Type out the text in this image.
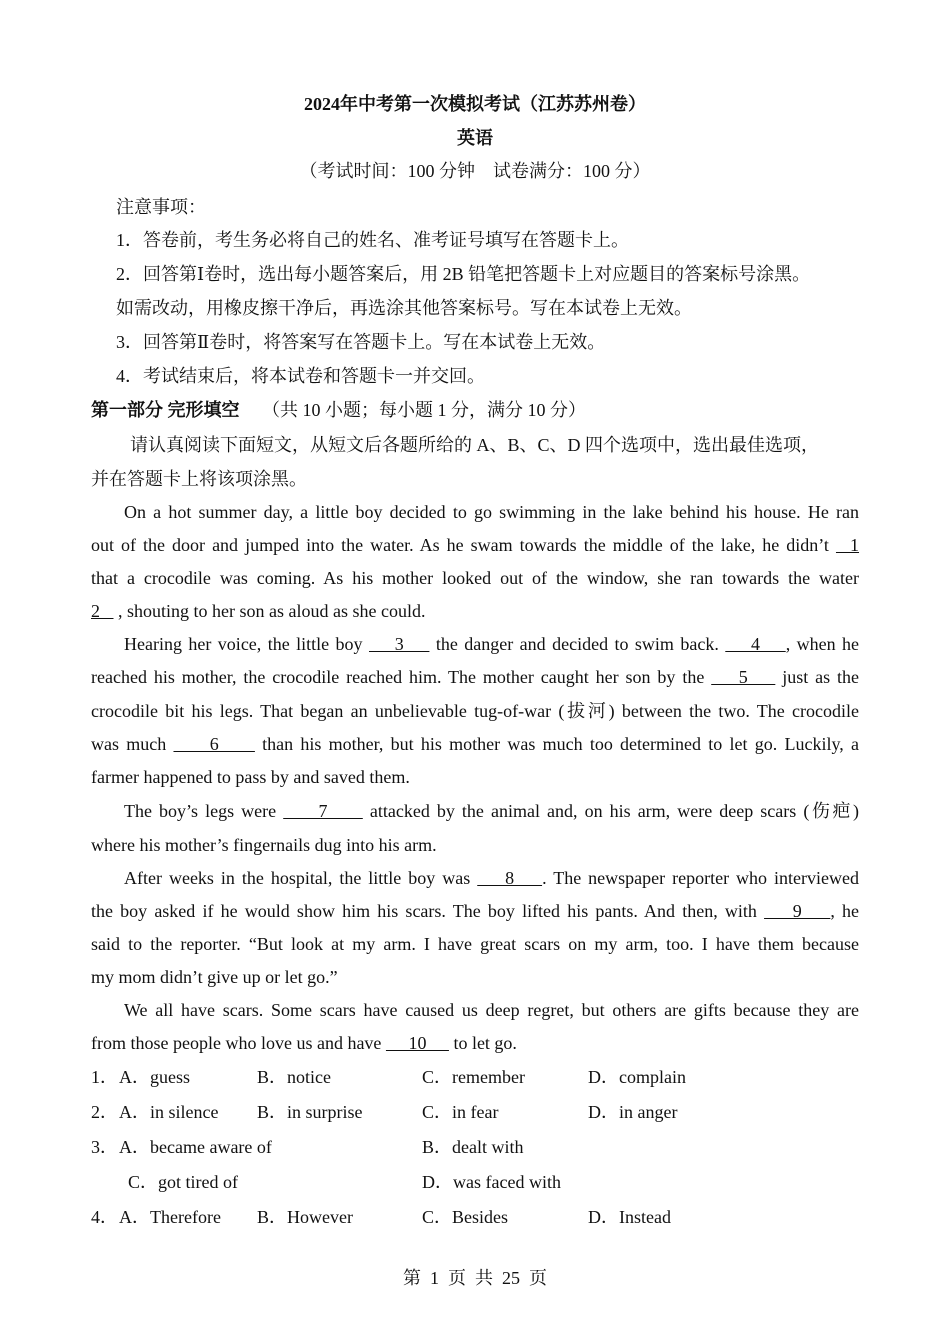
2024年中考第一次模拟考试（江苏苏州卷）
英语
（考试时间：100 分钟　试卷满分：100 分）
注意事项：
1．答卷前，考生务必将自己的姓名、准考证号填写在答题卡上。
2．回答第Ⅰ卷时，选出每小题答案后，用 2B 铅笔把答题卡上对应题目的答案标号涂黑。
如需改动，用橡皮擦干净后，再选涂其他答案标号。写在本试卷上无效。
3．回答第Ⅱ卷时，将答案写在答题卡上。写在本试卷上无效。
4．考试结束后，将本试卷和答题卡一并交回。
第一部分 完形填空 （共 10 小题；每小题 1 分，满分 10 分）
请认真阅读下面短文，从短文后各题所给的 A、B、C、D 四个选项中，选出最佳选项，
并在答题卡上将该项涂黑。
On a hot summer day, a little boy decided to go swimming in the lake behind his house. He ran
out of the door and jumped into the water. As he swam towards the middle of the lake, he didn’t   1
that a crocodile was coming. As his mother looked out of the window, she ran towards the water
2    , shouting to her son as aloud as she could.
Hearing her voice, the little boy     3     the danger and decided to swim back.     4    , when he
reached his mother, the crocodile reached him. The mother caught her son by the     5     just as the
crocodile bit his legs. That began an unbelievable tug-of-war (拔河) between the two. The crocodile
was much      6      than his mother, but his mother was much too determined to let go. Luckily, a
farmer happened to pass by and saved them.
The boy’s legs were      7      attacked by the animal and, on his arm, were deep scars (伤疤)
where his mother’s fingernails dug into his arm.
After weeks in the hospital, the little boy was     8    . The newspaper reporter who interviewed
the boy asked if he would show him his scars. The boy lifted his pants. And then, with     9    , he
said to the reporter. “But look at my arm. I have great scars on my arm, too. I have them because
my mom didn’t give up or let go.”
We all have scars. Some scars have caused us deep regret, but others are gifts because they are
from those people who love us and have      10      to let go.
1． A．guess	B．notice	C．remember	D．complain
2． A．in silence B．in surprise	C．in fear	D．in anger
3． A．became aware of	B．dealt with
C．got tired of	D．was faced with
4． A．Therefore B．However	C．Besides	D．Instead
第  1  页  共  25  页
